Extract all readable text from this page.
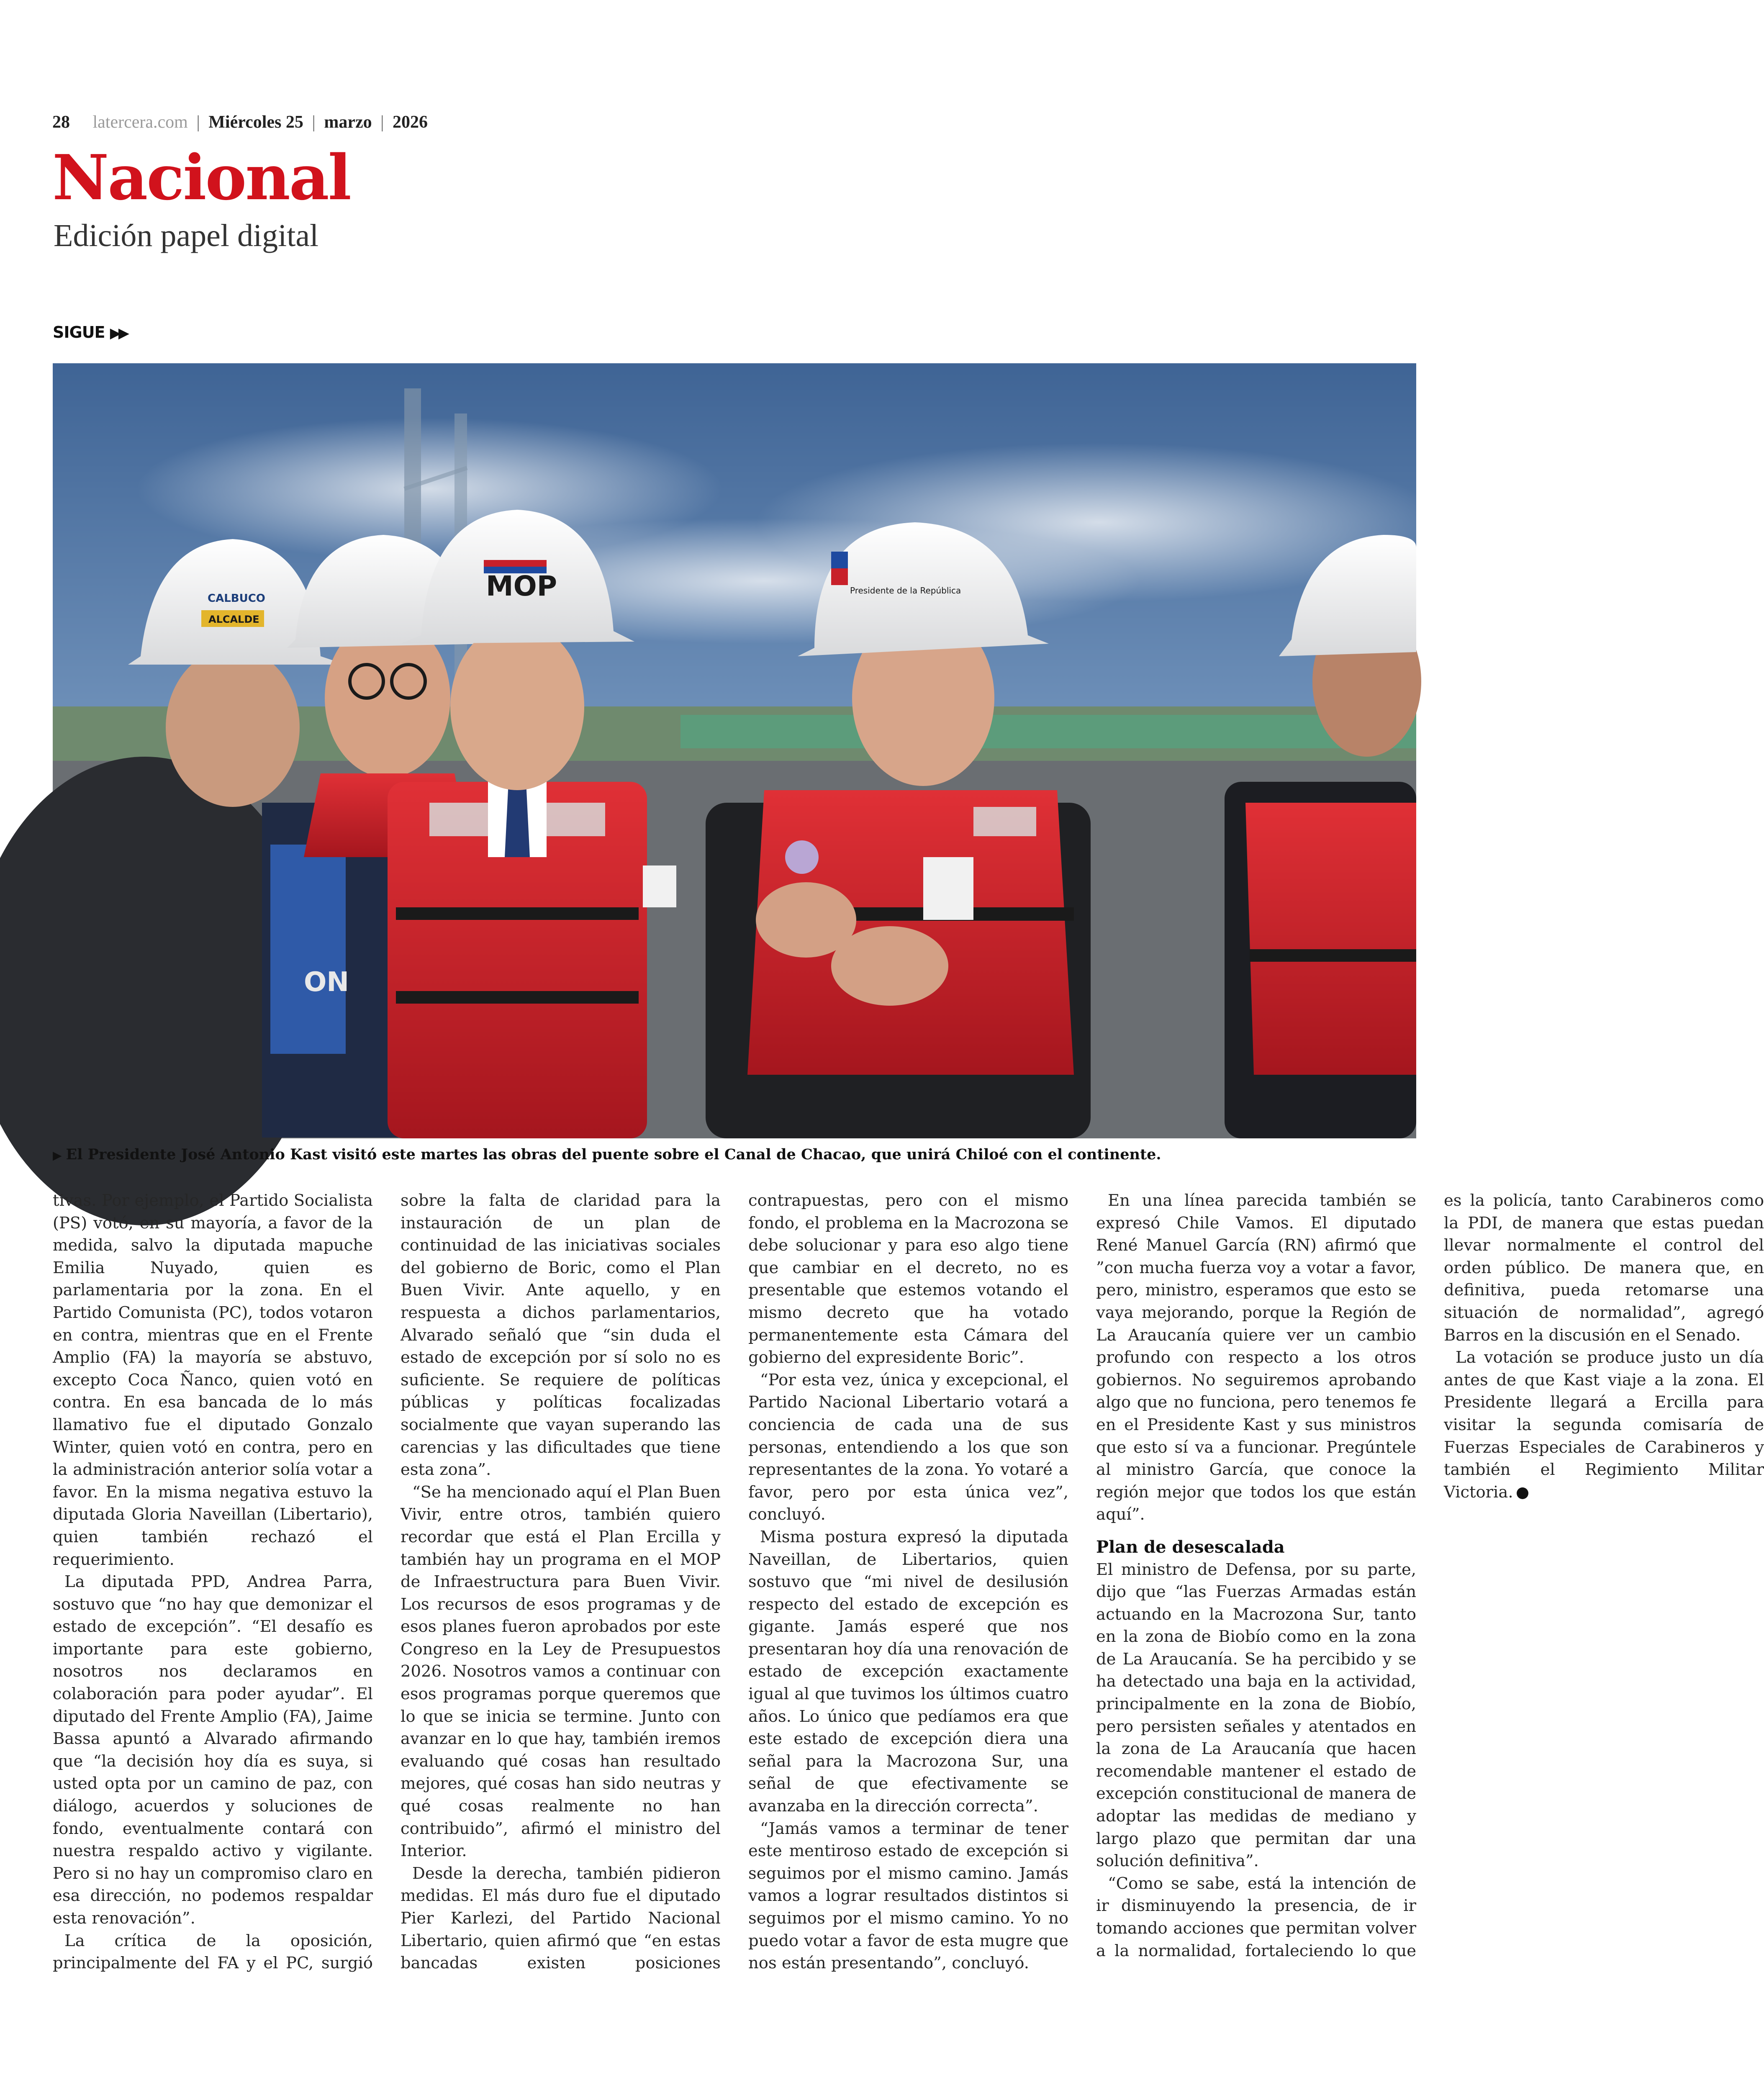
28 latercera.com | Miércoles 25 | marzo | 2026
Nacional
Edición papel digital
SIGUE ▶▶
ON
CALBUCO
ALCALDE
MOP	Presidente de la República
▶ El Presidente José Antonio Kast visitó este martes las obras del puente sobre el Canal de Chacao, que unirá Chiloé con el continente.

tivas. Por ejemplo, el Partido Socialista (PS) votó, en su mayoría, a favor de la medida, salvo la diputada mapuche Emilia Nuyado, quien es parlamentaria por la zona. En el Partido Comunista (PC), todos votaron en contra, mientras que en el Frente Amplio (FA) la mayoría se abstuvo, excepto Coca Ñanco, quien votó en contra. En esa bancada de lo más llamativo fue el diputado Gonzalo Winter, quien votó en contra, pero en la administración anterior solía votar a favor. En la misma negativa estuvo la diputada Gloria Naveillan (Libertario), quien también rechazó el requerimiento.

La diputada PPD, Andrea Parra, sostuvo que “no hay que demonizar el estado de excepción”. “El desafío es importante para este gobierno, nosotros nos declaramos en colaboración para poder ayudar”. El diputado del Frente Amplio (FA), Jaime Bassa apuntó a Alvarado afirmando que “la decisión hoy día es suya, si usted opta por un camino de paz, con diálogo, acuerdos y soluciones de fondo, eventualmente contará con nuestra respaldo activo y vigilante. Pero si no hay un compromiso claro en esa dirección, no podemos respaldar esta renovación”.

La crítica de la oposición, principalmente del FA y el PC, surgió sobre la falta de claridad para la instauración de un plan de continuidad de las iniciativas sociales del gobierno de Boric, como el Plan Buen Vivir. Ante aquello, y en respuesta a dichos parlamentarios, Alvarado señaló que “sin duda el estado de excepción por sí solo no es suficiente. Se requiere de políticas públicas y políticas focalizadas socialmente que vayan superando las carencias y las dificultades que tiene esta zona”.

“Se ha mencionado aquí el Plan Buen Vivir, entre otros, también quiero recordar que está el Plan Ercilla y también hay un programa en el MOP de Infraestructura para Buen Vivir. Los recursos de esos programas y de esos planes fueron aprobados por este Congreso en la Ley de Presupuestos 2026. Nosotros vamos a continuar con esos programas porque queremos que lo que se inicia se termine. Junto con avanzar en lo que hay, también iremos evaluando qué cosas han resultado mejores, qué cosas han sido neutras y qué cosas realmente no han contribuido”, afirmó el ministro del Interior.

Desde la derecha, también pidieron medidas. El más duro fue el diputado Pier Karlezi, del Partido Nacional Libertario, quien afirmó que “en estas bancadas existen posiciones contrapuestas, pero con el mismo fondo, el problema en la Macrozona se debe solucionar y para eso algo tiene que cambiar en el decreto, no es presentable que estemos votando el mismo decreto que ha votado permanentemente esta Cámara del gobierno del expresidente Boric”.

“Por esta vez, única y excepcional, el Partido Nacional Libertario votará a conciencia de cada una de sus personas, entendiendo a los que son representantes de la zona. Yo votaré a favor, pero por esta única vez”, concluyó.

Misma postura expresó la diputada Naveillan, de Libertarios, quien sostuvo que “mi nivel de desilusión respecto del estado de excepción es gigante. Jamás esperé que nos presentaran hoy día una renovación de estado de excepción exactamente igual al que tuvimos los últimos cuatro años. Lo único que pedíamos era que este estado de excepción diera una señal para la Macrozona Sur, una señal de que efectivamente se avanzaba en la dirección correcta”.

“Jamás vamos a terminar de tener este mentiroso estado de excepción si seguimos por el mismo camino. Jamás vamos a lograr resultados distintos si seguimos por el mismo camino. Yo no puedo votar a favor de esta mugre que nos están presentando”, concluyó.

En una línea parecida también se expresó Chile Vamos. El diputado René Manuel García (RN) afirmó que ”con mucha fuerza voy a votar a favor, pero, ministro, esperamos que esto se vaya mejorando, porque la Región de La Araucanía quiere ver un cambio profundo con respecto a los otros gobiernos. No seguiremos aprobando algo que no funciona, pero tenemos fe en el Presidente Kast y sus ministros que esto sí va a funcionar. Pregúntele al ministro García, que conoce la región mejor que todos los que están aquí”.

Plan de desescalada

El ministro de Defensa, por su parte, dijo que “las Fuerzas Armadas están actuando en la Macrozona Sur, tanto en la zona de Biobío como en la zona de La Araucanía. Se ha percibido y se ha detectado una baja en la actividad, principalmente en la zona de Biobío, pero persisten señales y atentados en la zona de La Araucanía que hacen recomendable mantener el estado de excepción constitucional de manera de adoptar las medidas de mediano y largo plazo que permitan dar una solución definitiva”.

“Como se sabe, está la intención de ir disminuyendo la presencia, de ir tomando acciones que permitan volver a la normalidad, fortaleciendo lo que es la policía, tanto Carabineros como la PDI, de manera que estas puedan llevar normalmente el control del orden público. De manera que, en definitiva, pueda retomarse una situación de normalidad”, agregó Barros en la discusión en el Senado.

La votación se produce justo un día antes de que Kast viaje a la zona. El Presidente llegará a Ercilla para visitar la segunda comisaría de Fuerzas Especiales de Carabineros y también el Regimiento Militar Victoria.
